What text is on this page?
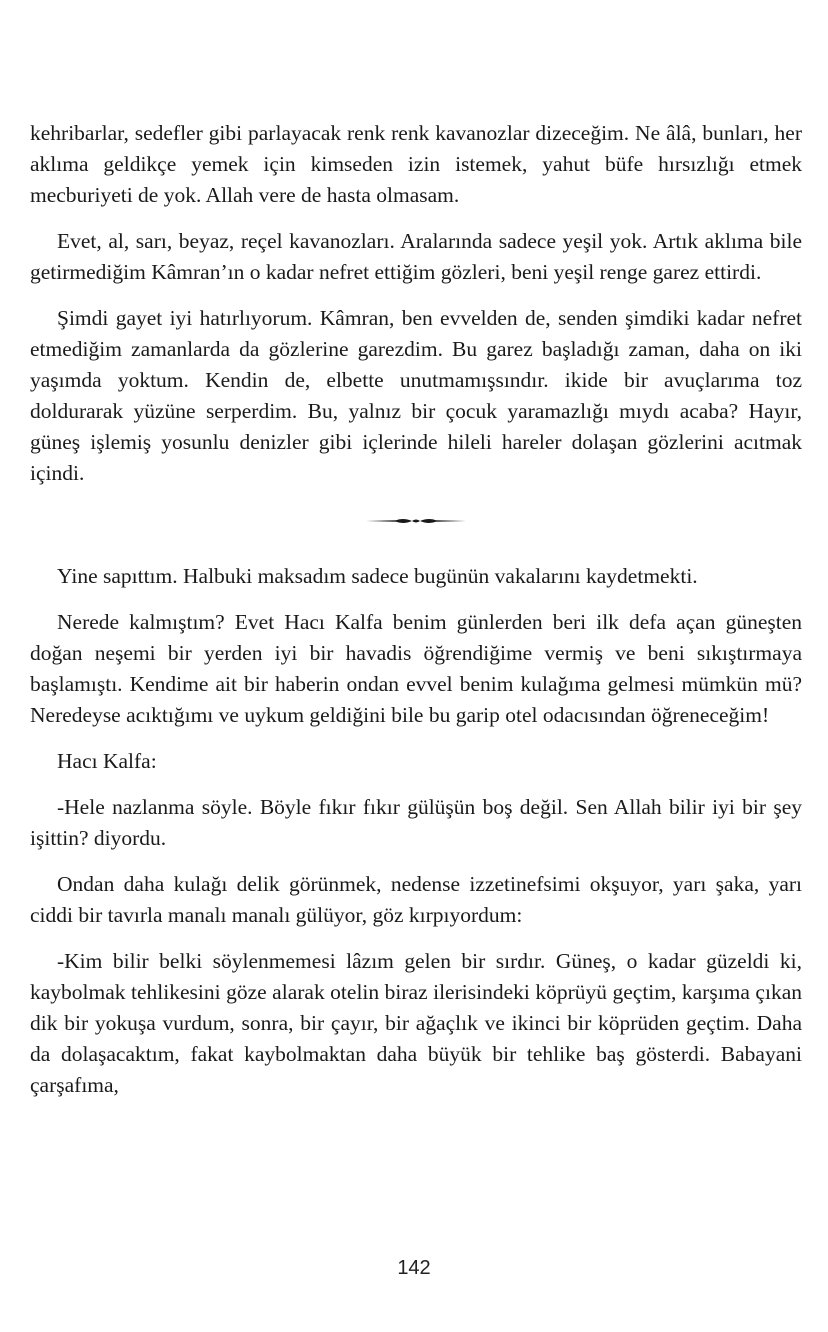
kehribarlar, sedefler gibi parlayacak renk renk kavanozlar dizeceğim. Ne âlâ, bunları, her aklıma geldikçe yemek için kimseden izin istemek, yahut büfe hırsızlığı etmek mecburiyeti de yok. Allah vere de hasta olmasam.

Evet, al, sarı, beyaz, reçel kavanozları. Aralarında sadece yeşil yok. Artık aklıma bile getirmediğim Kâmran’ın o kadar nefret ettiğim gözleri, beni yeşil renge garez ettirdi.

Şimdi gayet iyi hatırlıyorum. Kâmran, ben evvelden de, senden şimdiki kadar nefret etmediğim zamanlarda da gözlerine garezdim. Bu garez başladığı zaman, daha on iki yaşımda yoktum. Kendin de, elbette unutmamışsındır. ikide bir avuçlarıma toz doldurarak yüzüne serperdim. Bu, yalnız bir çocuk yaramazlığı mıydı acaba? Hayır, güneş işlemiş yosunlu denizler gibi içlerinde hileli hareler dolaşan gözlerini acıtmak içindi.

Yine sapıttım. Halbuki maksadım sadece bugünün vakalarını kaydetmekti.

Nerede kalmıştım? Evet Hacı Kalfa benim günlerden beri ilk defa açan güneşten doğan neşemi bir yerden iyi bir havadis öğrendiğime vermiş ve beni sıkıştırmaya başlamıştı. Kendime ait bir haberin ondan evvel benim kulağıma gelmesi mümkün mü? Neredeyse acıktığımı ve uykum geldiğini bile bu garip otel odacısından öğreneceğim!

Hacı Kalfa:

-Hele nazlanma söyle. Böyle fıkır fıkır gülüşün boş değil. Sen Allah bilir iyi bir şey işittin? diyordu.

Ondan daha kulağı delik görünmek, nedense izzetinefsimi okşuyor, yarı şaka, yarı ciddi bir tavırla manalı manalı gülüyor, göz kırpıyordum:

-Kim bilir belki söylenmemesi lâzım gelen bir sırdır. Güneş, o kadar güzeldi ki, kaybolmak tehlikesini göze alarak otelin biraz ilerisindeki köprüyü geçtim, karşıma çıkan dik bir yokuşa vurdum, sonra, bir çayır, bir ağaçlık ve ikinci bir köprüden geçtim. Daha da dolaşacaktım, fakat kaybolmaktan daha büyük bir tehlike baş gösterdi. Babayani çarşafıma,

142
